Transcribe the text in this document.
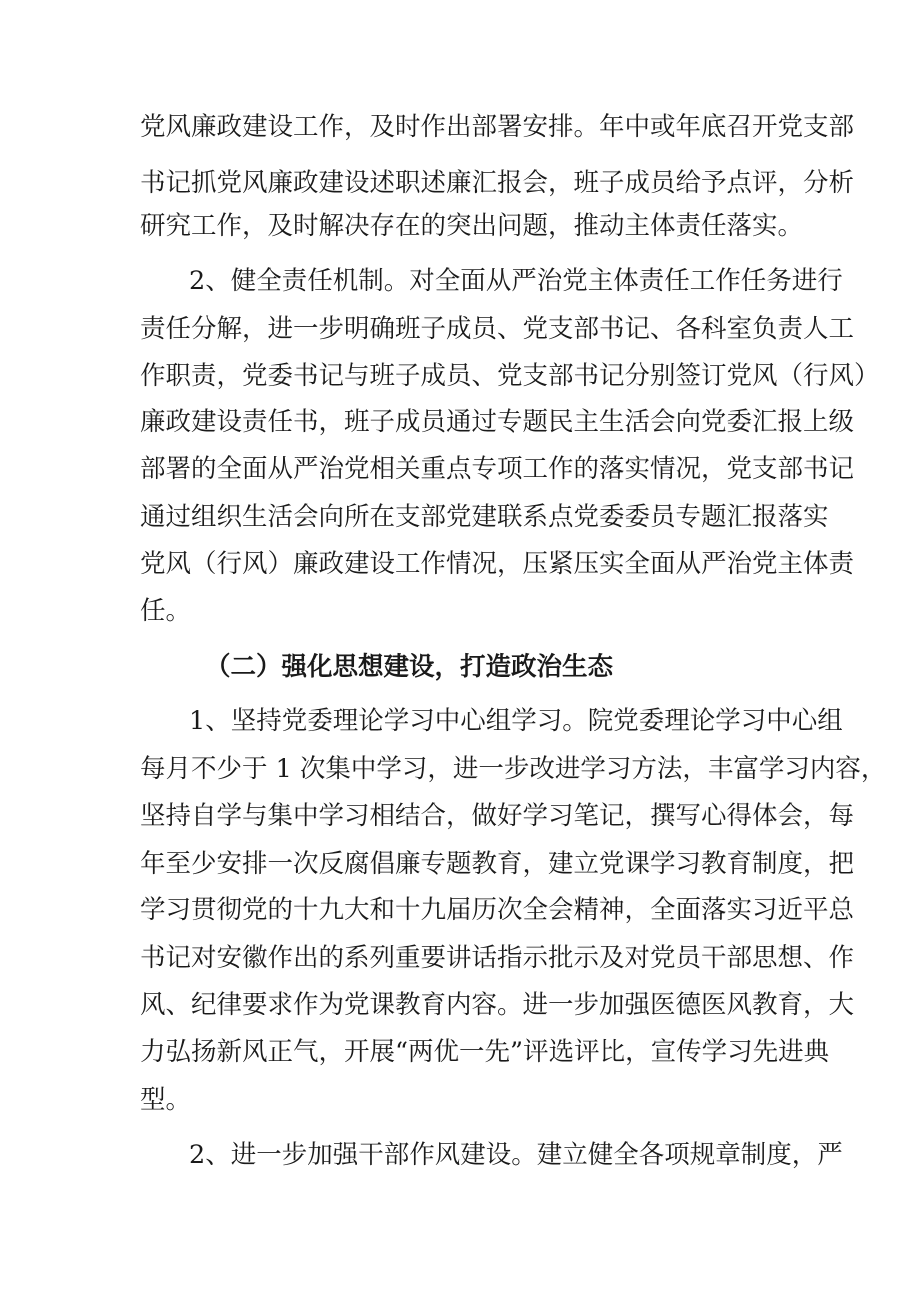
党风廉政建设工作，及时作出部署安排。年中或年底召开党支部
书记抓党风廉政建设述职述廉汇报会，班子成员给予点评，分析
研究工作，及时解决存在的突出问题，推动主体责任落实。
2、健全责任机制。对全面从严治党主体责任工作任务进行
责任分解，进一步明确班子成员、党支部书记、各科室负责人工
作职责，党委书记与班子成员、党支部书记分别签订党风（行风）
廉政建设责任书，班子成员通过专题民主生活会向党委汇报上级
部署的全面从严治党相关重点专项工作的落实情况，党支部书记
通过组织生活会向所在支部党建联系点党委委员专题汇报落实
党风（行风）廉政建设工作情况，压紧压实全面从严治党主体责
任。
（二）强化思想建设，打造政治生态
1、坚持党委理论学习中心组学习。院党委理论学习中心组
每月不少于 1 次集中学习，进一步改进学习方法，丰富学习内容，
坚持自学与集中学习相结合，做好学习笔记，撰写心得体会，每
年至少安排一次反腐倡廉专题教育，建立党课学习教育制度，把
学习贯彻党的十九大和十九届历次全会精神，全面落实习近平总
书记对安徽作出的系列重要讲话指示批示及对党员干部思想、作
风、纪律要求作为党课教育内容。进一步加强医德医风教育，大
力弘扬新风正气，开展“两优一先”评选评比，宣传学习先进典
型。
2、进一步加强干部作风建设。建立健全各项规章制度，严
